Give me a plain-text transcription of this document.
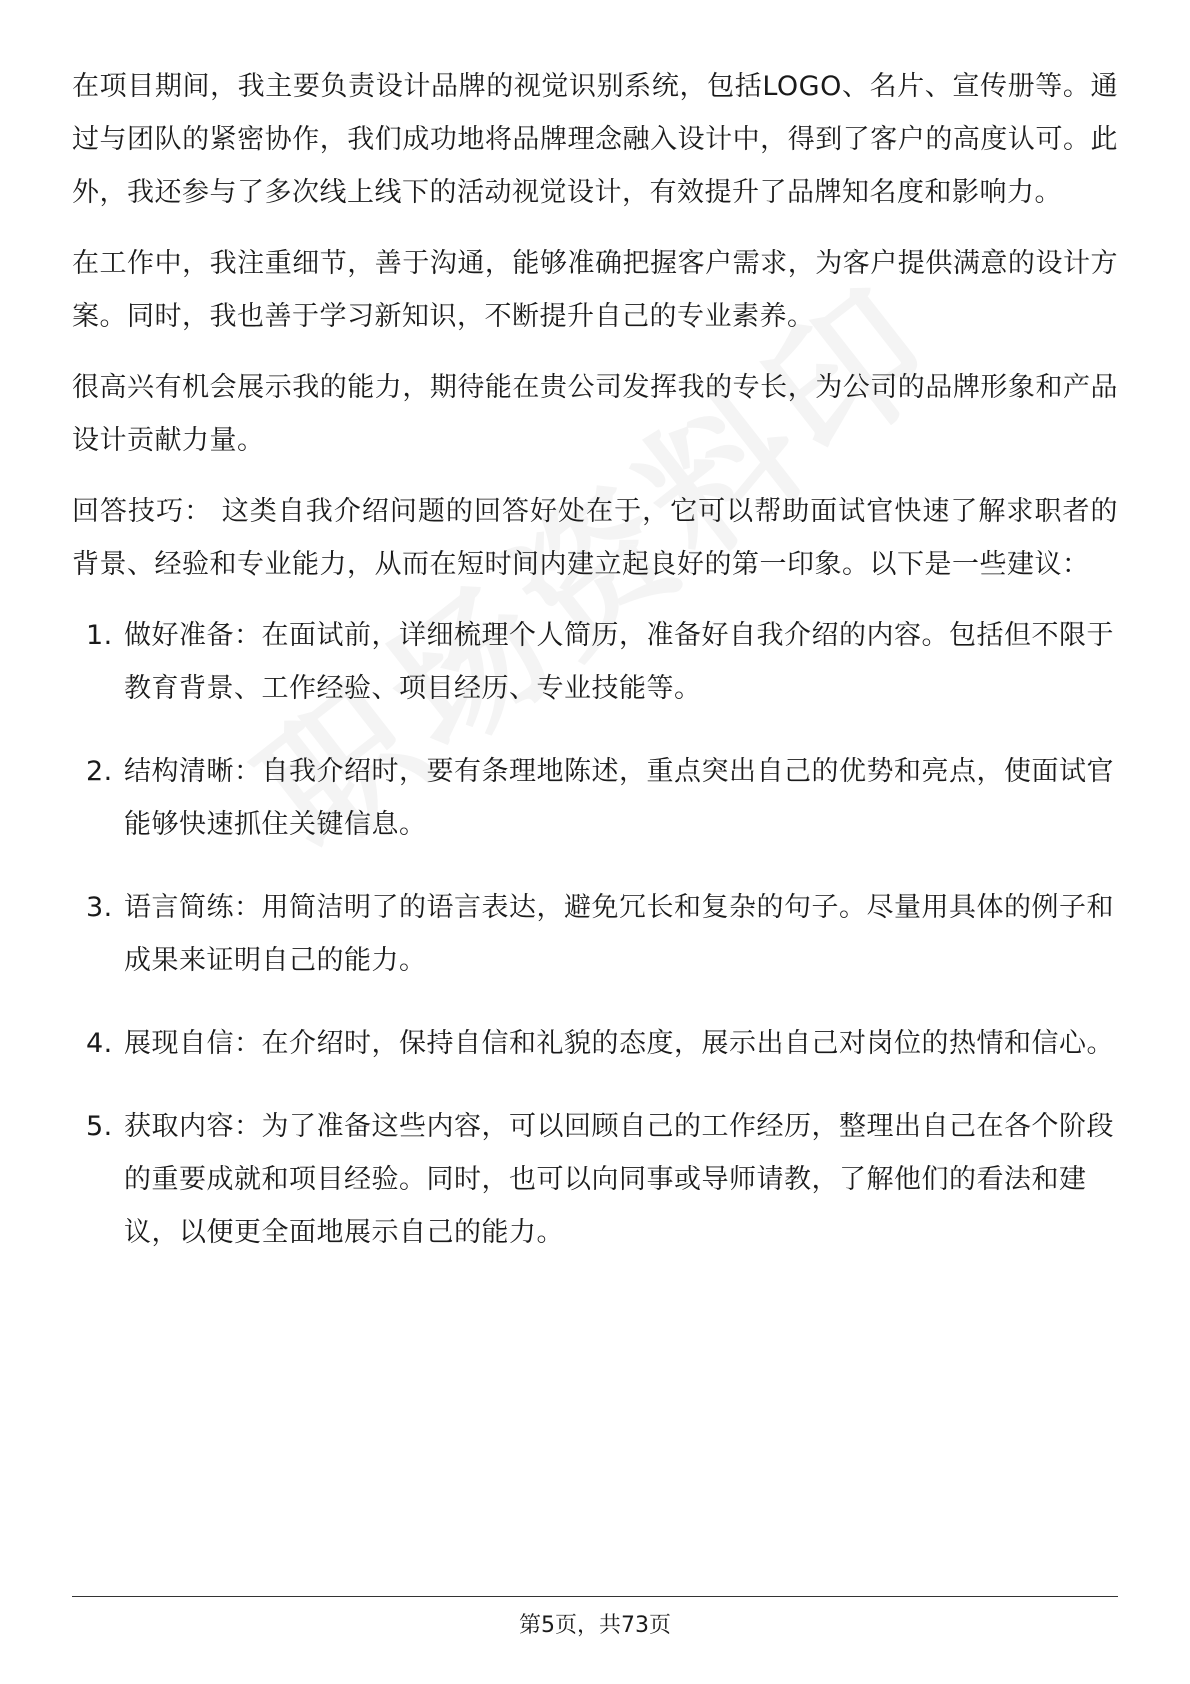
在项目期间，我主要负责设计品牌的视觉识别系统，包括LOGO、名片、宣传册等。通过与团队的紧密协作，我们成功地将品牌理念融入设计中，得到了客户的高度认可。此外，我还参与了多次线上线下的活动视觉设计，有效提升了品牌知名度和影响力。

在工作中，我注重细节，善于沟通，能够准确把握客户需求，为客户提供满意的设计方案。同时，我也善于学习新知识，不断提升自己的专业素养。

很高兴有机会展示我的能力，期待能在贵公司发挥我的专长，为公司的品牌形象和产品设计贡献力量。

回答技巧： 这类自我介绍问题的回答好处在于，它可以帮助面试官快速了解求职者的背景、经验和专业能力，从而在短时间内建立起良好的第一印象。以下是一些建议：

1. 做好准备：在面试前，详细梳理个人简历，准备好自我介绍的内容。包括但不限于教育背景、工作经验、项目经历、专业技能等。
2. 结构清晰：自我介绍时，要有条理地陈述，重点突出自己的优势和亮点，使面试官能够快速抓住关键信息。
3. 语言简练：用简洁明了的语言表达，避免冗长和复杂的句子。尽量用具体的例子和成果来证明自己的能力。
4. 展现自信：在介绍时，保持自信和礼貌的态度，展示出自己对岗位的热情和信心。
5. 获取内容：为了准备这些内容，可以回顾自己的工作经历，整理出自己在各个阶段的重要成就和项目经验。同时，也可以向同事或导师请教，了解他们的看法和建议，以便更全面地展示自己的能力。
第5页，共73页
